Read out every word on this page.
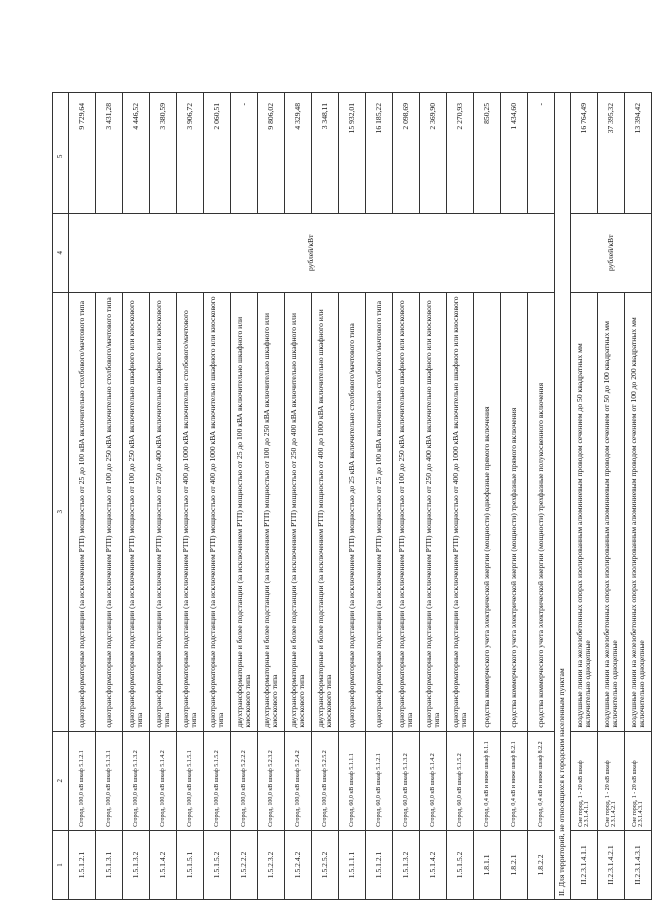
1	2	3	4	5
1.5.1.2.1	Cгород, 100,0 кВ шкаф 5.1.2.1	однотрансформаторные подстанции (за исключением РТП) мощностью от 25 до 100 кВА включительно столбового/мачтового типа	рублей/кВт	9 729,64
1.5.1.3.1	Cгород, 100,0 кВ шкаф 5.1.3.1	однотрансформаторные подстанции (за исключением РТП) мощностью от 100 до 250 кВА включительно столбового/мачтового типа		3 431,28
1.5.1.3.2	Cгород, 100,0 кВ шкаф 5.1.3.2	однотрансформаторные подстанции (за исключением РТП) мощностью от 100 до 250 кВА включительно шкафного или киоскового типа		4 446,52
1.5.1.4.2	Cгород, 100,0 кВ шкаф 5.1.4.2	однотрансформаторные подстанции (за исключением РТП) мощностью от 250 до 400 кВА включительно шкафного или киоскового типа		3 380,59
1.5.1.5.1	Cгород, 100,0 кВ шкаф 5.1.5.1	однотрансформаторные подстанции (за исключением РТП) мощностью от 400 до 1000 кВА включительно столбового/мачтового типа		3 906,72
1.5.1.5.2	Cгород, 100,0 кВ шкаф 5.1.5.2	однотрансформаторные подстанции (за исключением РТП) мощностью от 400 до 1000 кВА включительно шкафного или киоскового типа		2 060,51
1.5.2.2.2	Cгород, 100,0 кВ шкаф 5.2.2.2	двухтрансформаторные и более подстанции (за исключением РТП) мощностью от 25 до 100 кВА включительно шкафного или киоскового типа		-
1.5.2.3.2	Cгород, 100,0 кВ шкаф 5.2.3.2	двухтрансформаторные и более подстанции (за исключением РТП) мощностью от 100 до 250 кВА включительно шкафного или киоскового типа		9 806,02
1.5.2.4.2	Cгород, 100,0 кВ шкаф 5.2.4.2	двухтрансформаторные и более подстанции (за исключением РТП) мощностью от 250 до 400 кВА включительно шкафного или киоскового типа		4 329,48
1.5.2.5.2	Cгород, 100,0 кВ шкаф 5.2.5.2	двухтрансформаторные и более подстанции (за исключением РТП) мощностью от 400 до 1000 кВА включительно шкафного или киоскового типа		3 348,11
1.5.1.1.1	Cгород, 60,0 кВ шкаф 5.1.1.1	однотрансформаторные подстанции (за исключением РТП) мощностью до 25 кВА включительно столбового/мачтового типа		15 932,01
1.5.1.2.1	Cгород, 60,0 кВ шкаф 5.1.2.1	однотрансформаторные подстанции (за исключением РТП) мощностью от 25 до 100 кВА включительно столбового/мачтового типа		16 185,22
1.5.1.3.2	Cгород, 60,0 кВ шкаф 5.1.3.2	однотрансформаторные подстанции (за исключением РТП) мощностью от 100 до 250 кВА включительно шкафного или киоскового типа		2 098,69
1.5.1.4.2	Cгород, 60,0 кВ шкаф 5.1.4.2	однотрансформаторные подстанции (за исключением РТП) мощностью от 250 до 400 кВА включительно шкафного или киоскового типа		2 369,90
1.5.1.5.2	Cгород, 60,0 кВ шкаф 5.1.5.2	однотрансформаторные подстанции (за исключением РТП) мощностью от 400 до 1000 кВА включительно шкафного или киоскового типа		2 270,93
1.8.1.1	Cгород, 0,4 кВ и ниже шкаф 8.1.1	средства коммерческого учета электрической энергии (мощности) однофазные прямого включения		850,25
1.8.2.1	Cгород, 0,4 кВ и ниже шкаф 8.2.1	средства коммерческого учета электрической энергии (мощности) трехфазные прямого включения		1 434,60
1.8.2.2	Cгород, 0,4 кВ и ниже шкаф 8.2.2	средства коммерческого учета электрической энергии (мощности) трехфазные полукосвенного включения		-
II. Для территорий, не относящихся к городским населенным пунктам				
II.2.3.1.4.1.1	Cне город, 1 - 20 кВ шкаф 2.3.1.4.1.1	воздушные линии на железобетонных опорах изолированным алюминиевым проводом сечением до 50 квадратных мм включительно одноцепные	рублей/кВт	16 764,49
II.2.3.1.4.2.1	Cне город, 1 - 20 кВ шкаф 2.3.1.4.2.1	воздушные линии на железобетонных опорах изолированным алюминиевым проводом сечением от 50 до 100 квадратных мм включительно одноцепные		37 395,32
II.2.3.1.4.3.1	Cне город, 1 - 20 кВ шкаф 2.3.1.4.3.1	воздушные линии на железобетонных опорах изолированным алюминиевым проводом сечением от 100 до 200 квадратных мм включительно одноцепные		13 394,42
